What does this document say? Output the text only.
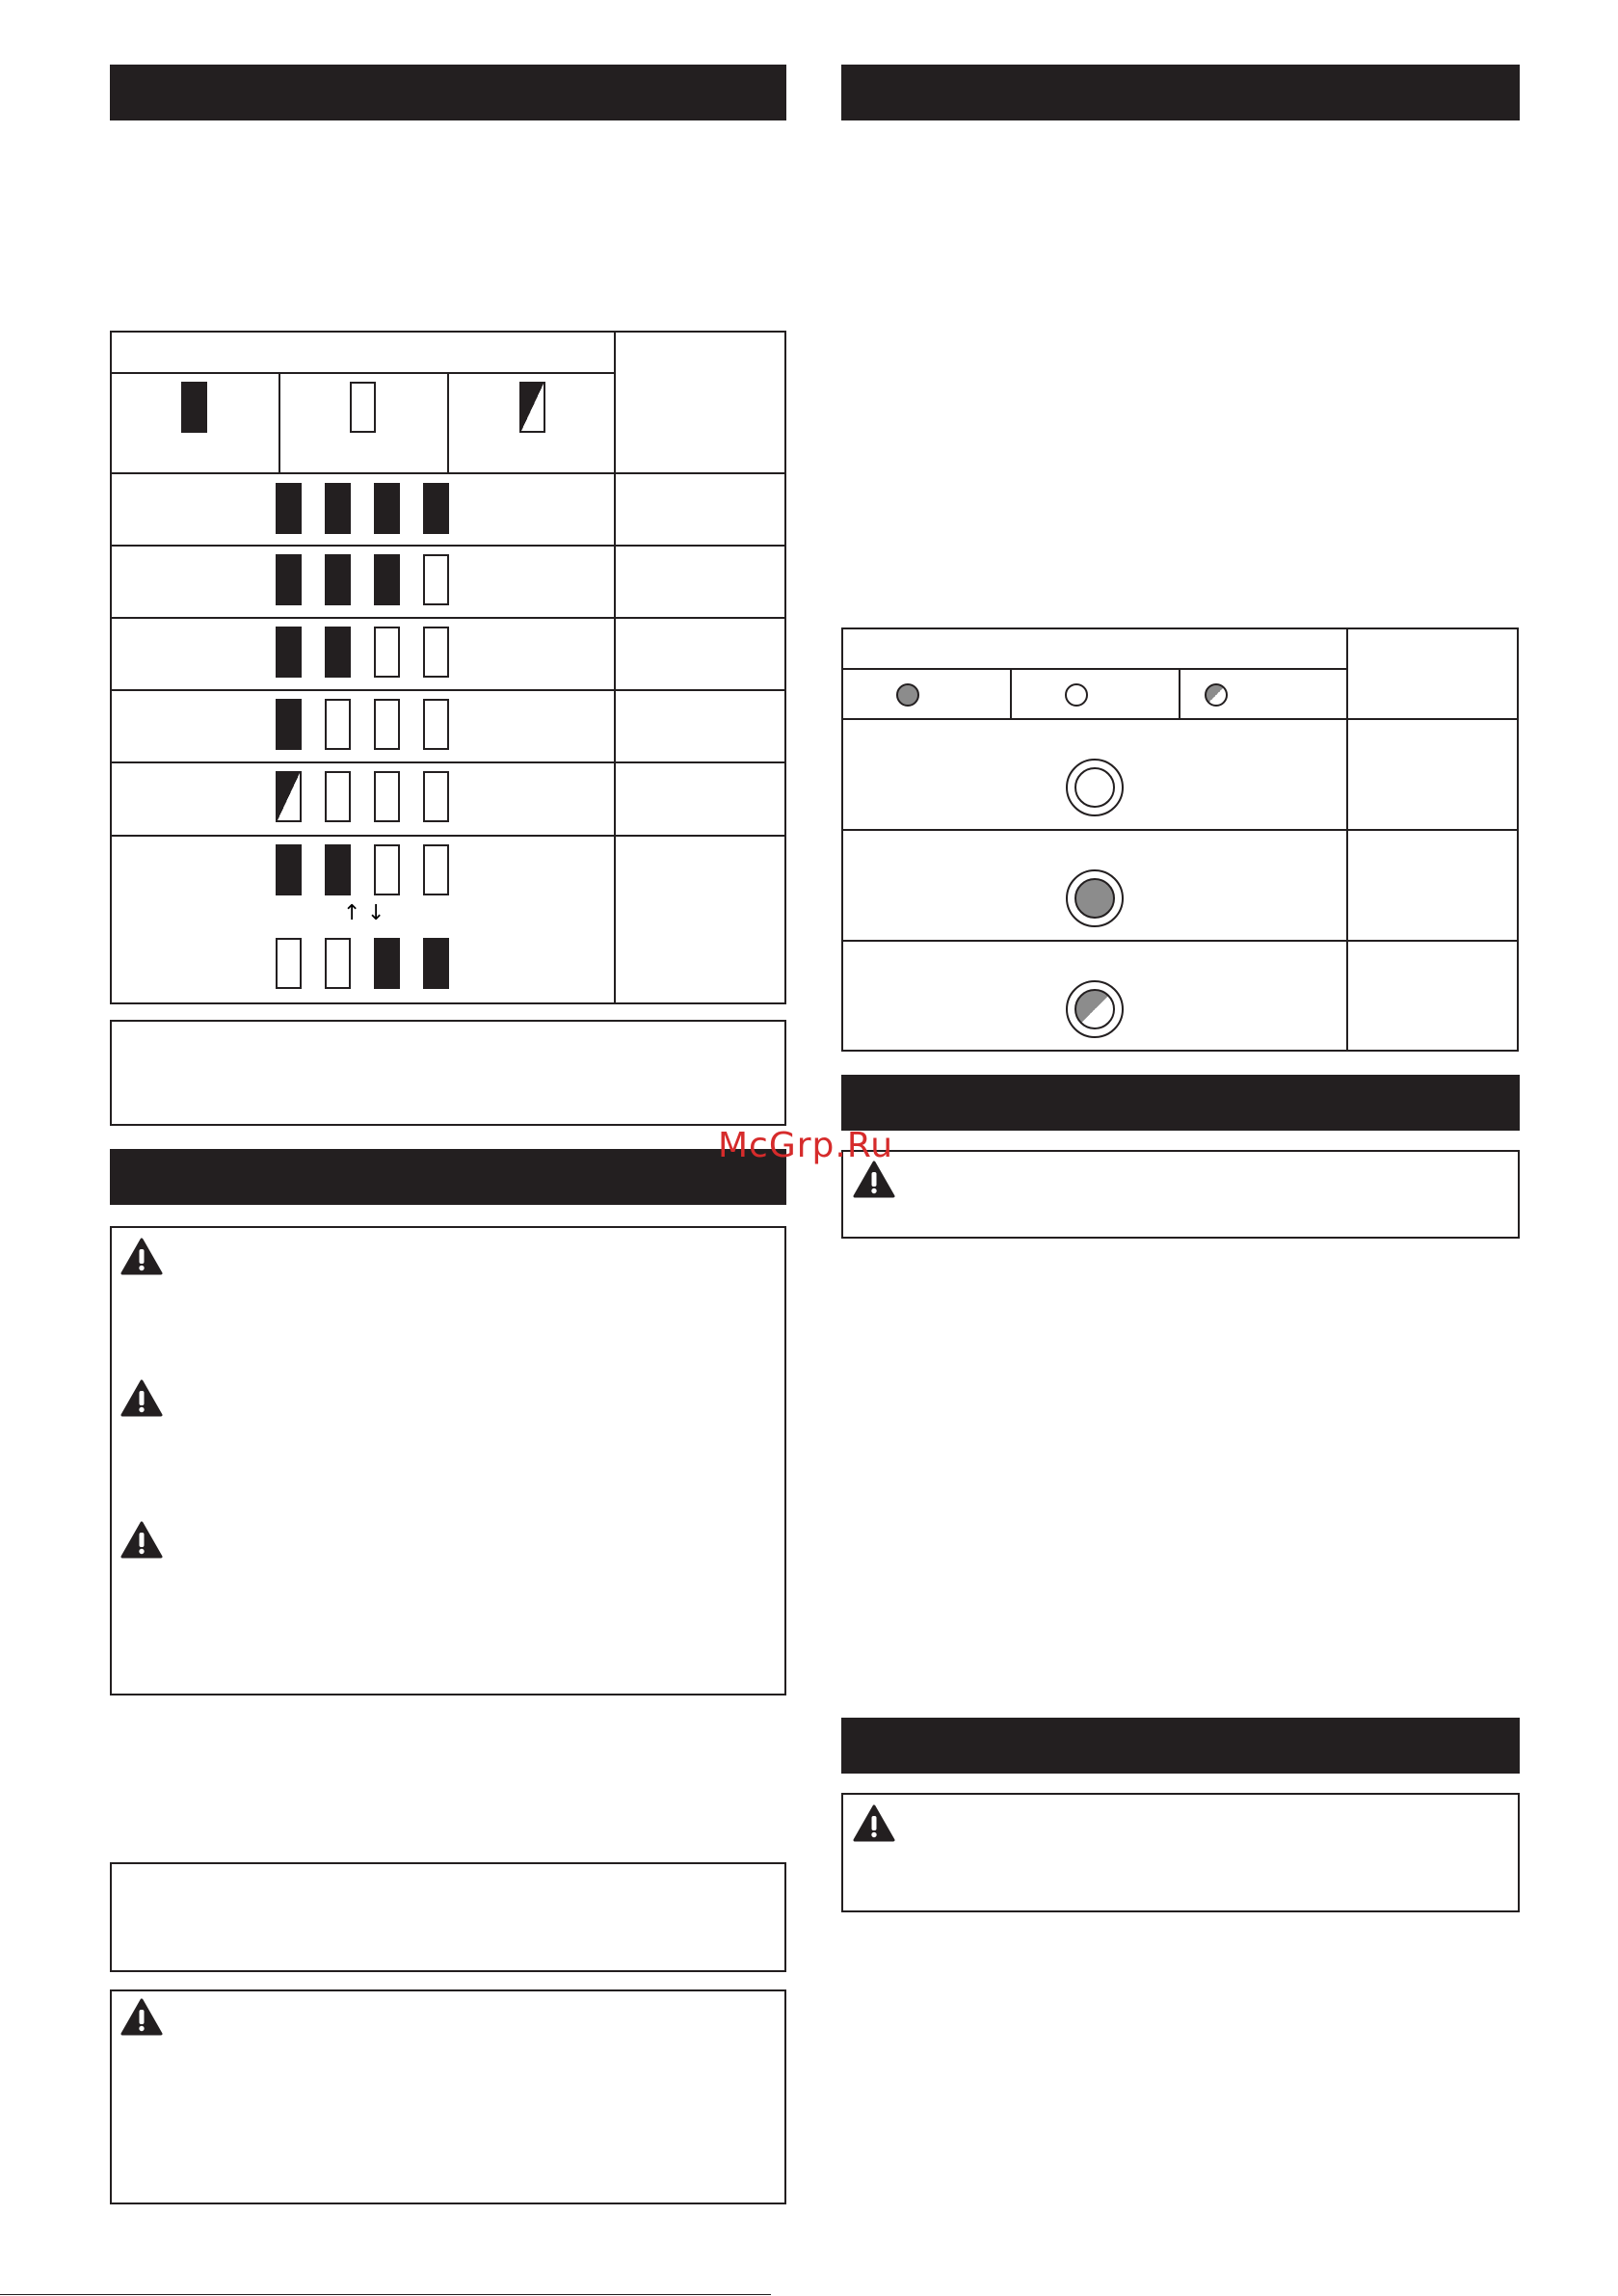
↑ ↓
McGrp.Ru
